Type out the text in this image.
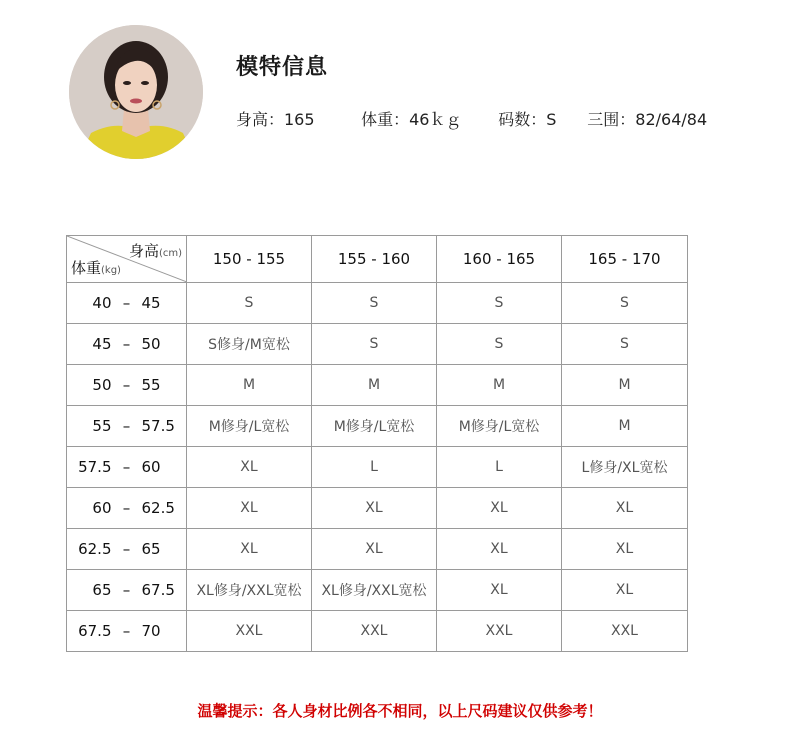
模特信息
身高：165	体重：46ｋｇ 码数：S 三围：82/64/84
身高(cm)
体重(kg)	150 - 155	155 - 160	160 - 165	165 - 170
40 – 45	S	S	S	S
45 – 50	S修身/M宽松	S	S	S
50 – 55	M	M	M	M
55 – 57.5	M修身/L宽松	M修身/L宽松	M修身/L宽松	M
57.5 – 60	XL	L	L	L修身/XL宽松
60 – 62.5	XL	XL	XL	XL
62.5 – 65	XL	XL	XL	XL
65 – 67.5	XL修身/XXL宽松	XL修身/XXL宽松	XL	XL
67.5 – 70	XXL	XXL	XXL	XXL
温馨提示：各人身材比例各不相同，以上尺码建议仅供参考！
